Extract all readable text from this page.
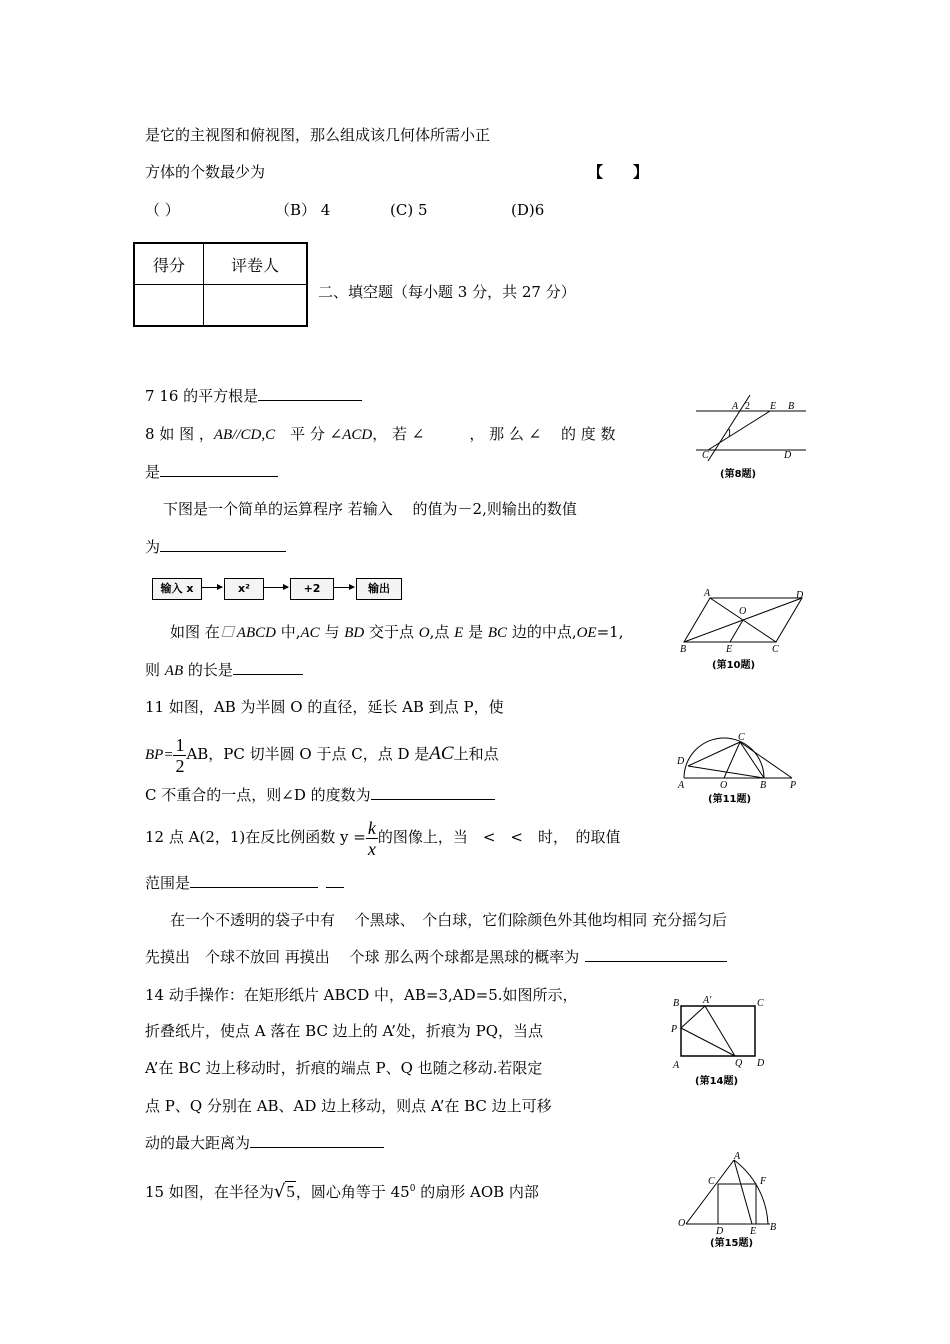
是它的主视图和俯视图，那么组成该几何体所需小正
方体的个数最少为	【　　】
（ ）	（B） 4	(C) 5	(D)6
得分	评卷人

二、填空题（每小题 3 分，共 27 分）
7 16 的平方根是
8 如 图 ，AB//CD,C　平 分 ∠ACD， 若 ∠　　　， 那 么 ∠　 的 度 数
是
A 2 E B
1
C	D
(第8题)
下图是一个简单的运算程序 若输入　 的值为－2,则输出的数值
为
输入 x	x²	+2	输出
如图 在 ABCD 中,AC 与 BD 交于点 O,点 E 是 BC 边的中点,OE=1,
则 AB 的长是
A	D
O
B	E	C
(第10题)
11 如图，AB 为半圆 O 的直径，延长 AB 到点 P，使
$BP= \frac{1}{2}$ AB，PC 切半圆 O 于点 C，点 D 是AC上和点
C 不重合的一点，则∠D 的度数为
C
D
A	O	B P
(第11题)
12 点 A(2，1)在反比例函数 $y = \frac{k}{x}$ 的图像上，当　<　<　时，　的取值
范围是
在一个不透明的袋子中有　 个黑球、　个白球，它们除颜色外其他均相同 充分摇匀后
先摸出　个球不放回 再摸出　 个球 那么两个球都是黑球的概率为
14 动手操作：在矩形纸片 ABCD 中，AB=3,AD=5.如图所示，
折叠纸片，使点 A 落在 BC 边上的 A’处，折痕为 PQ，当点
A’在 BC 边上移动时，折痕的端点 P、Q 也随之移动.若限定
点 P、Q 分别在 AB、AD 边上移动，则点 A’在 BC 边上可移
动的最大距离为
B A'	C
P
A	Q D
(第14题)
15 如图，在半径为√5，圆心角等于 $45^0$ 的扇形 AOB 内部
A
C	F
O
D	E B
(第15题)
